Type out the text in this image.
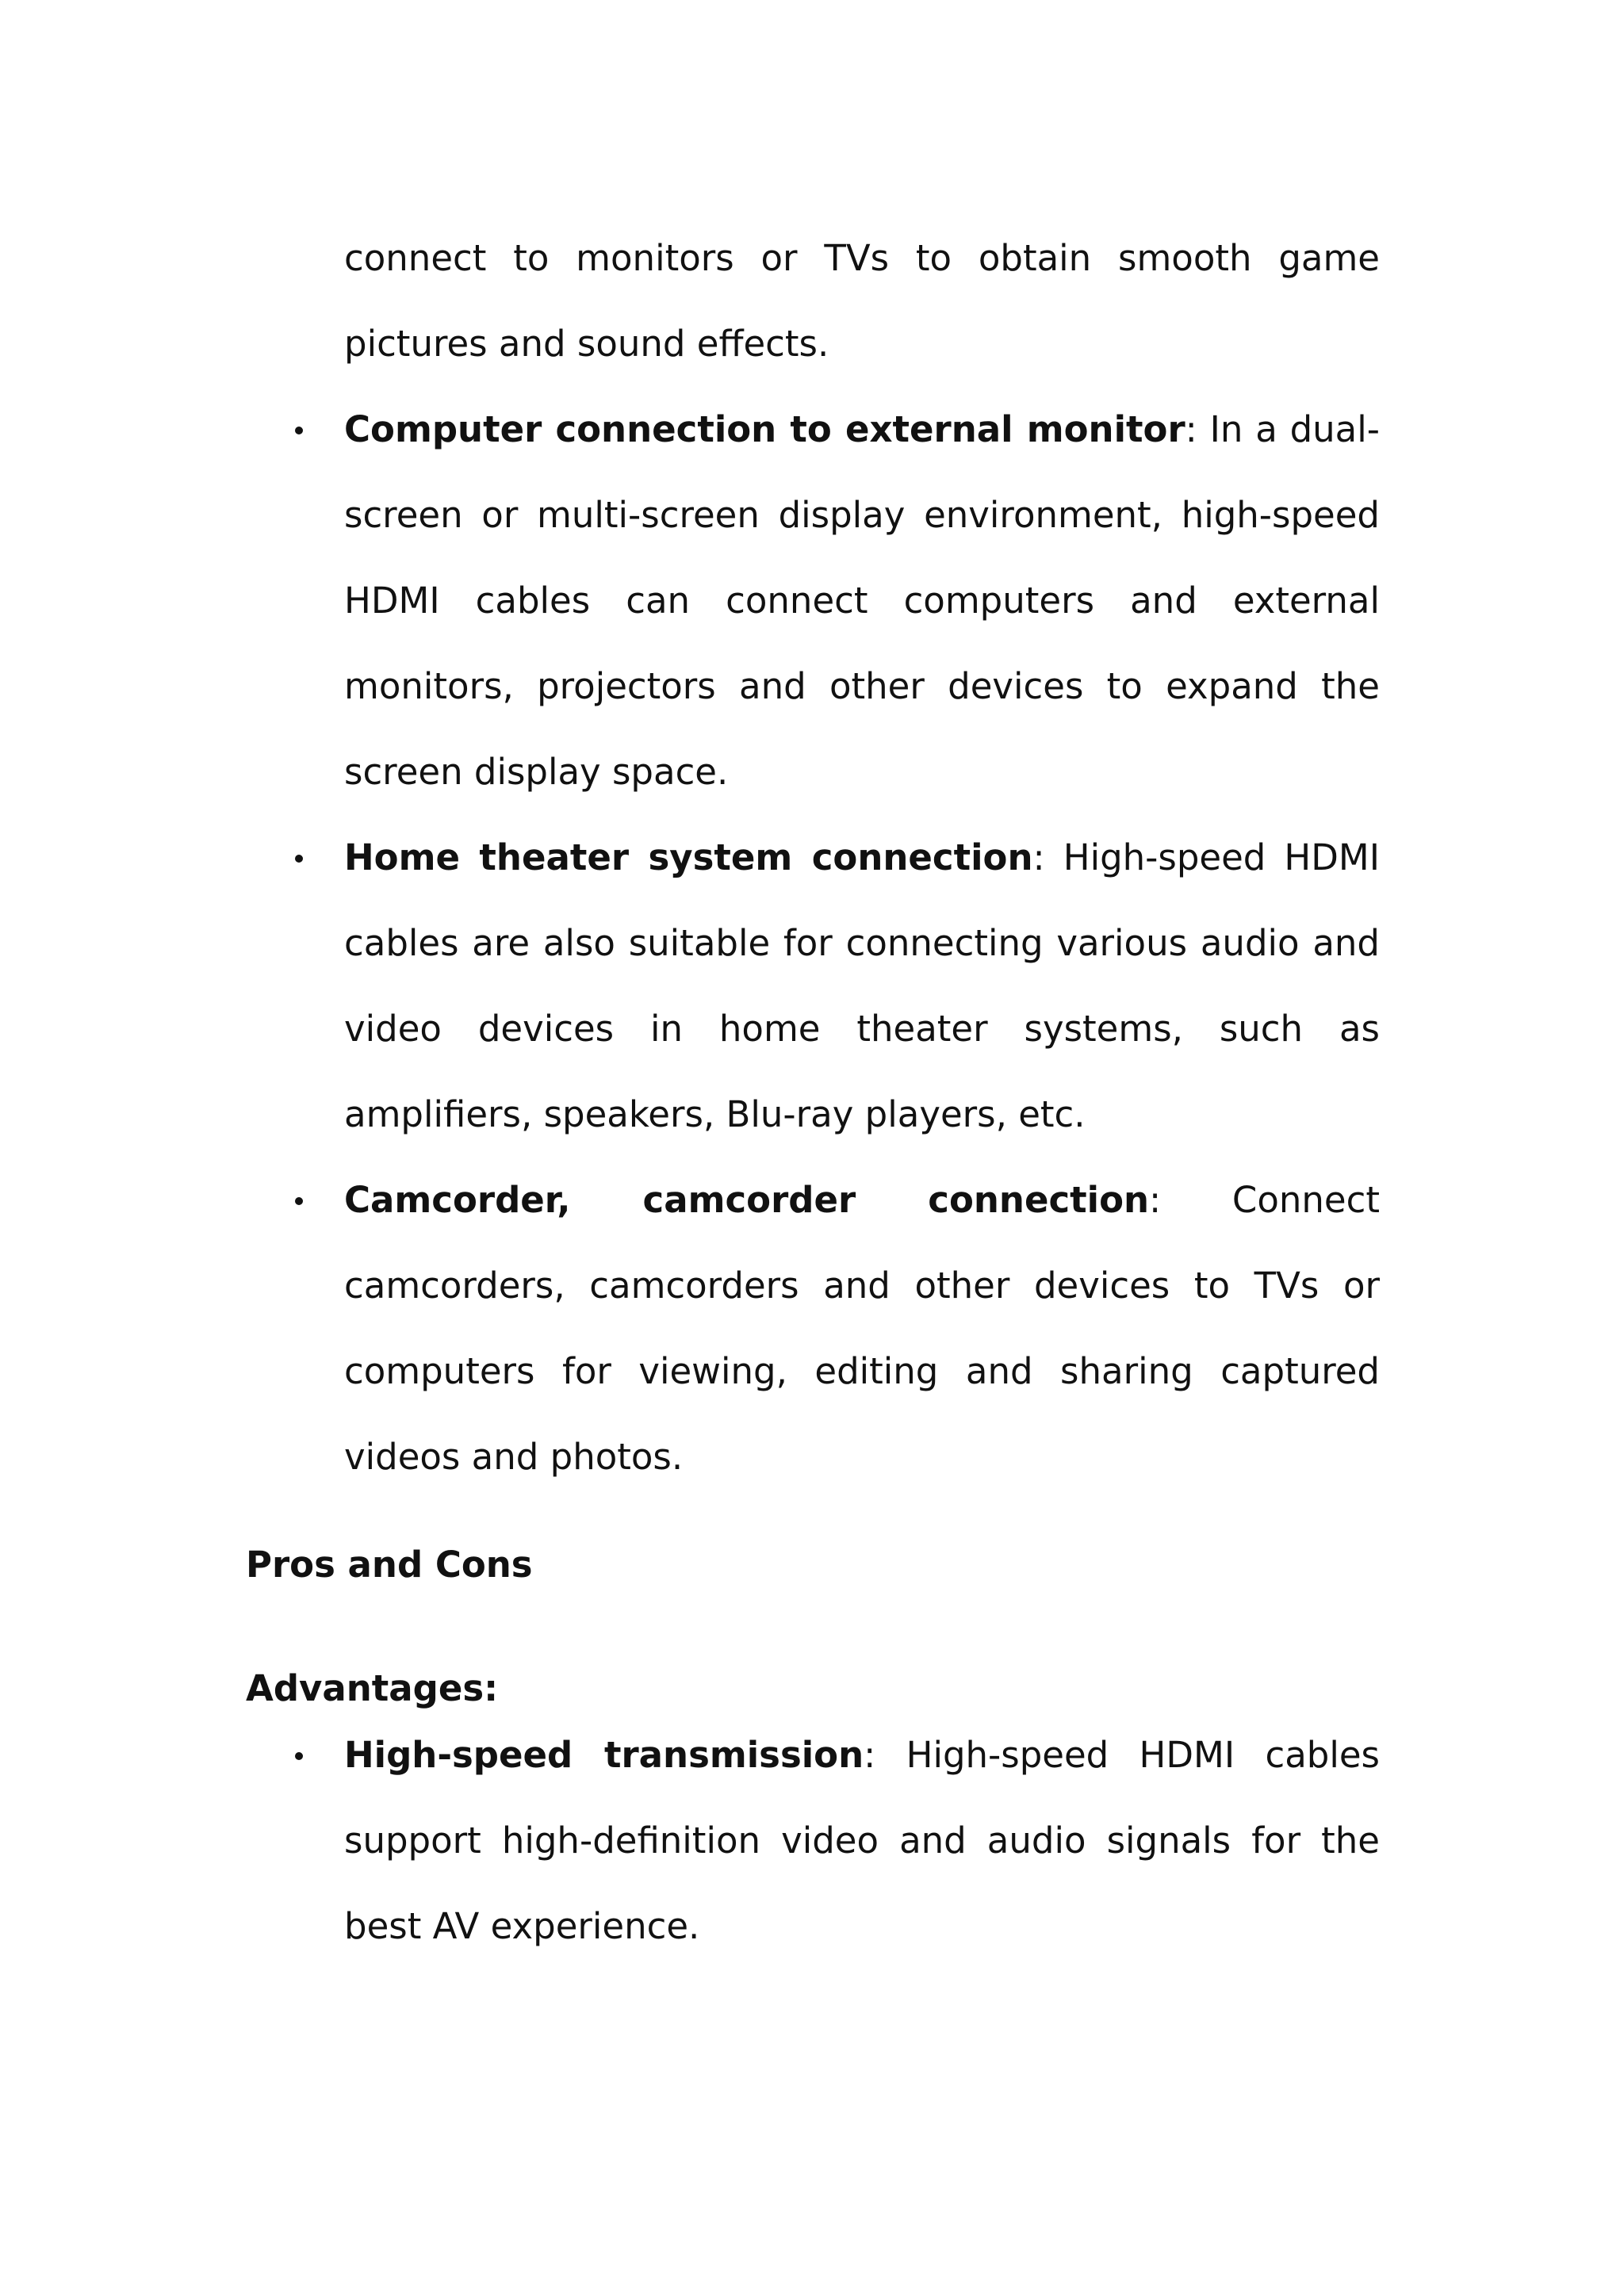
connect to monitors or TVs to obtain smooth game pictures and sound effects.

Computer connection to external monitor: In a dual-screen or multi-screen display environment, high-speed HDMI cables can connect computers and external monitors, projectors and other devices to expand the screen display space.
Home theater system connection: High-speed HDMI cables are also suitable for connecting various audio and video devices in home theater systems, such as amplifiers, speakers, Blu-ray players, etc.
Camcorder, camcorder connection: Connect camcorders, camcorders and other devices to TVs or computers for viewing, editing and sharing captured videos and photos.

Pros and Cons

Advantages:

High-speed transmission: High-speed HDMI cables support high-definition video and audio signals for the best AV experience.
